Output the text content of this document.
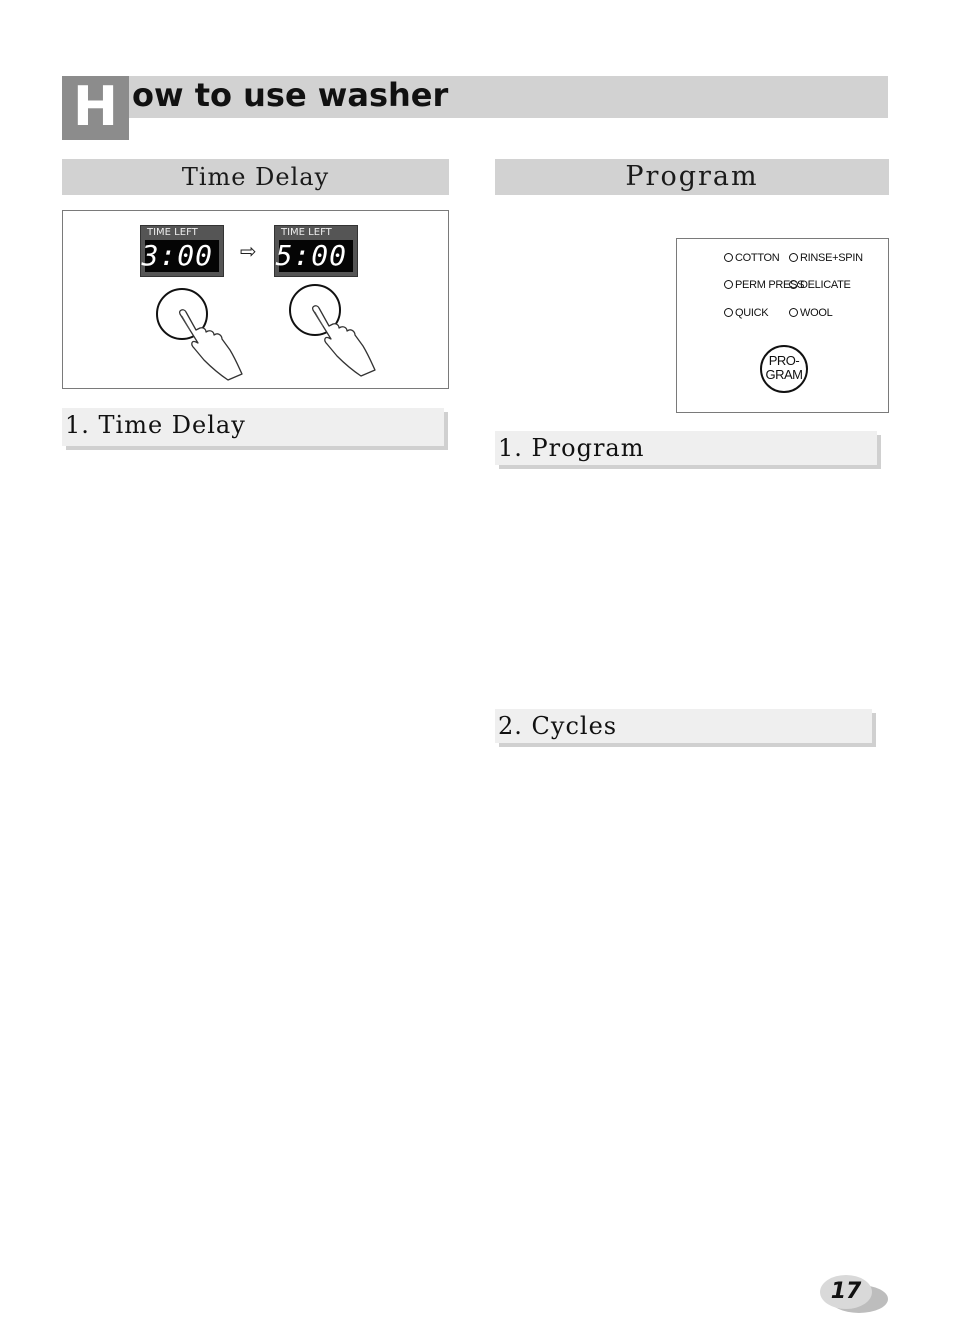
H ow to use washer
Time Delay	Program
TIME LEFT
3:00 ⇨
TIME LEFT
5:00	COTTON	RINSE+SPIN
PERM PRESS
DELICATE
QUICK	WOOL
PRO-
GRAM
1. Time Delay
1. Program
2. Cycles
17
